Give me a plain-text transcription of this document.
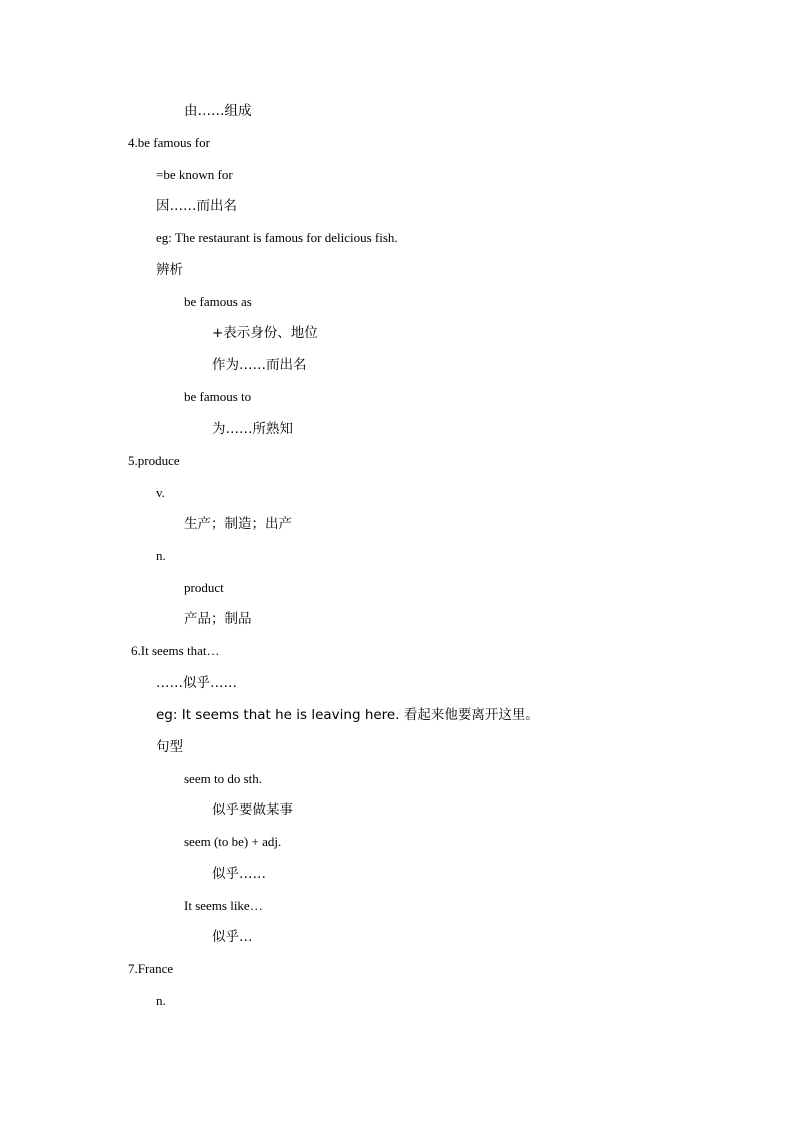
由……组成
4.be famous for
=be known for
因……而出名
eg: The restaurant is famous for delicious fish.
辨析
be famous as
+表示身份、地位
作为……而出名
be famous to
为……所熟知
5.produce
v.
生产；制造；出产
n.
product
产品；制品
6.It seems that…
……似乎……
eg: It seems that he is leaving here. 看起来他要离开这里。
句型
seem to do sth.
似乎要做某事
seem (to be) + adj.
似乎……
It seems like…
似乎…
7.France
n.
